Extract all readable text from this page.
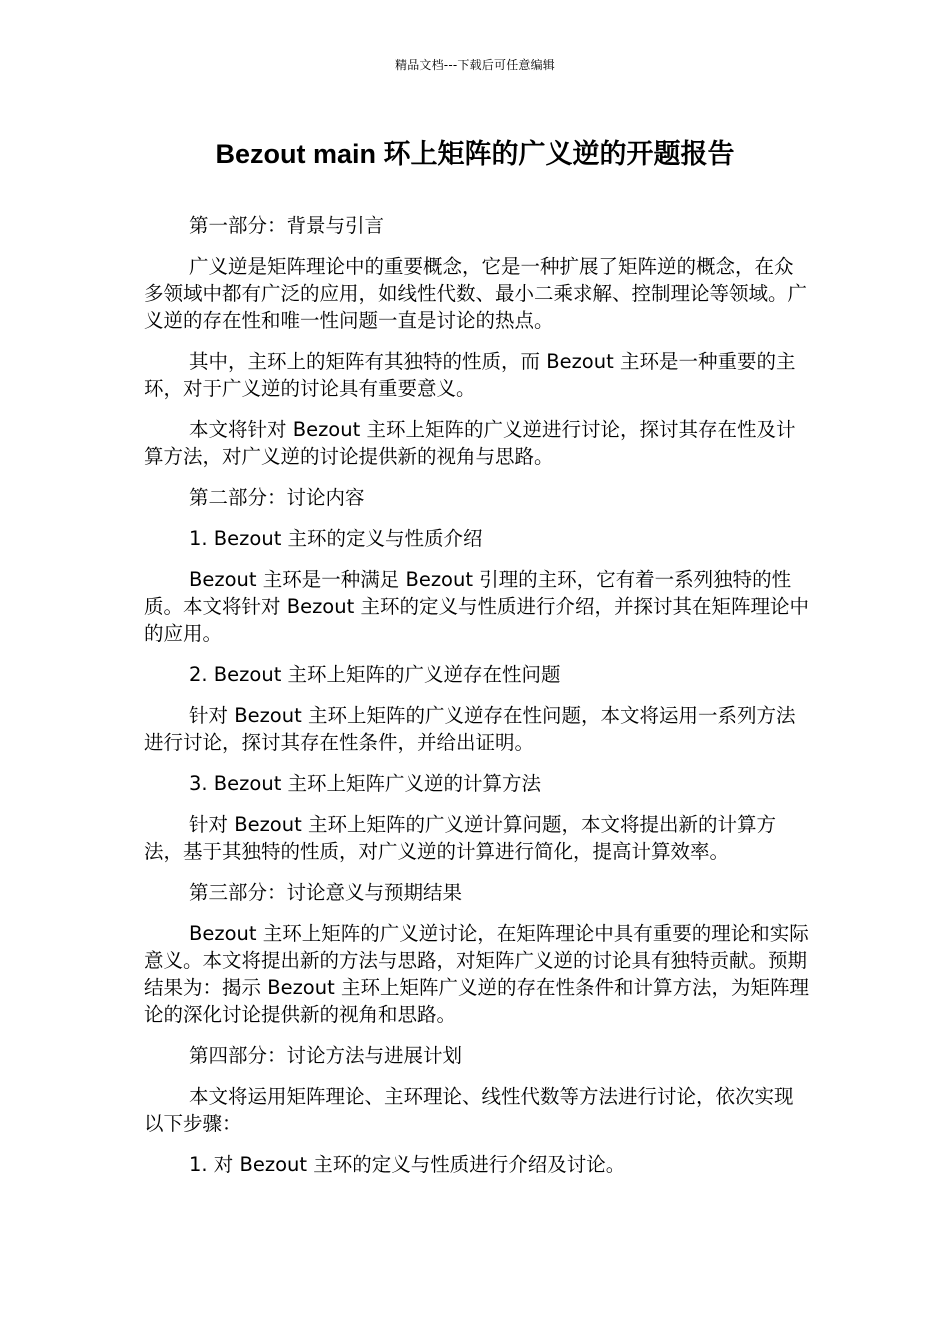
精品文档---下载后可任意编辑
Bezout main 环上矩阵的广义逆的开题报告

第一部分：背景与引言

广义逆是矩阵理论中的重要概念，它是一种扩展了矩阵逆的概念，在众多领域中都有广泛的应用，如线性代数、最小二乘求解、控制理论等领域。广义逆的存在性和唯一性问题一直是讨论的热点。

其中，主环上的矩阵有其独特的性质，而 Bezout 主环是一种重要的主环，对于广义逆的讨论具有重要意义。

本文将针对 Bezout 主环上矩阵的广义逆进行讨论，探讨其存在性及计算方法，对广义逆的讨论提供新的视角与思路。

第二部分：讨论内容

1. Bezout 主环的定义与性质介绍

Bezout 主环是一种满足 Bezout 引理的主环，它有着一系列独特的性质。本文将针对 Bezout 主环的定义与性质进行介绍，并探讨其在矩阵理论中的应用。

2. Bezout 主环上矩阵的广义逆存在性问题

针对 Bezout 主环上矩阵的广义逆存在性问题，本文将运用一系列方法进行讨论，探讨其存在性条件，并给出证明。

3. Bezout 主环上矩阵广义逆的计算方法

针对 Bezout 主环上矩阵的广义逆计算问题，本文将提出新的计算方法，基于其独特的性质，对广义逆的计算进行简化，提高计算效率。

第三部分：讨论意义与预期结果

Bezout 主环上矩阵的广义逆讨论，在矩阵理论中具有重要的理论和实际意义。本文将提出新的方法与思路，对矩阵广义逆的讨论具有独特贡献。预期结果为：揭示 Bezout 主环上矩阵广义逆的存在性条件和计算方法，为矩阵理论的深化讨论提供新的视角和思路。

第四部分：讨论方法与进展计划

本文将运用矩阵理论、主环理论、线性代数等方法进行讨论，依次实现以下步骤：

1. 对 Bezout 主环的定义与性质进行介绍及讨论。
